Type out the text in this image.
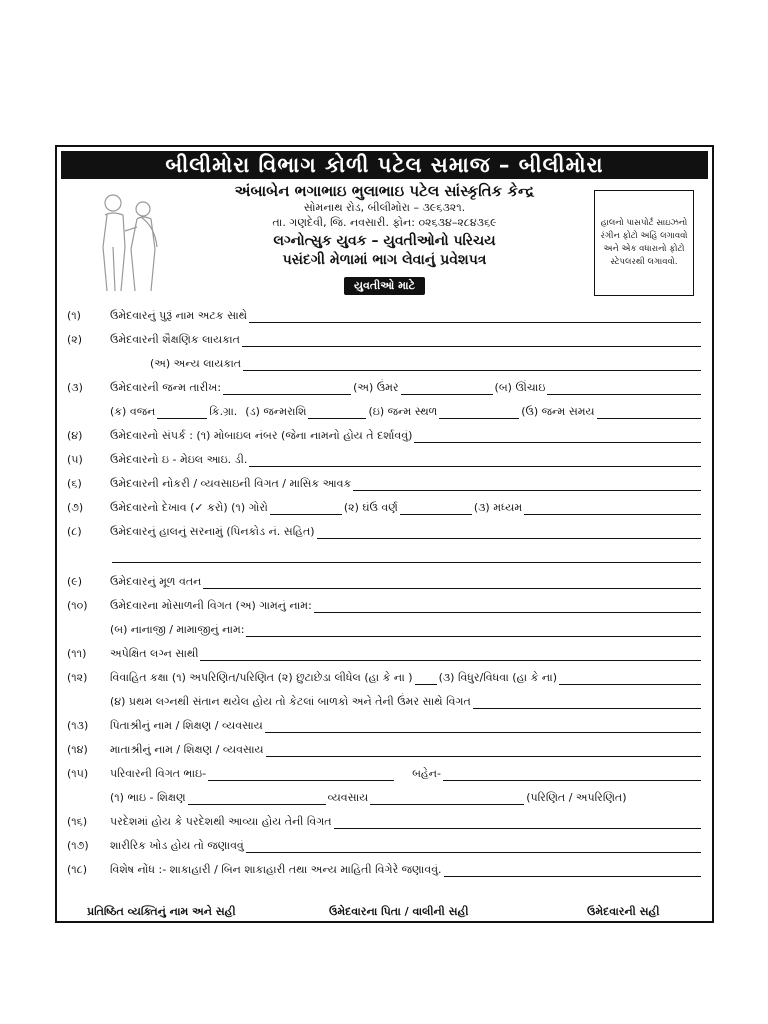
બીલીમોરા વિભાગ કોળી પટેલ સમાજ – બીલીમોરા
અંબાબેન ભગાભાઇ ભુલાભાઇ પટેલ સાંસ્કૃતિક કેન્દ્ર
સોમનાથ રોડ, બીલીમોરા – ૩૯૬૩૨૧.
તા. ગણદેવી, જિ. નવસારી. ફોન: ૦૨૬૩૪–૨૮૪૩૬૯
લગ્નોત્સુક યુવક – યુવતીઓનો પરિચય
પસંદગી મેળામાં ભાગ લેવાનું પ્રવેશપત્ર
યુવતીઓ માટે
હાલનો પાસપોર્ટ સાઇઝનો રંગીન ફોટો અહિં લગાવવો અને એક વધારાનો ફોટો સ્ટેપલરથી લગાવવો.
(૧)	ઉમેદવારનું પુરૂં નામ અટક સાથે
(૨)	ઉમેદવારની શૈક્ષણિક લાયકાત
(અ) અન્ય લાયકાત
(૩)	ઉમેદવારની જન્મ તારીખ:	(અ) ઉંમર	(બ) ઊંચાઇ
(ક) વજન	કિ.ગ્રા. (ડ) જન્મરાશિ	(ઇ) જન્મ સ્થળ	(ઉ) જન્મ સમય
(૪)	ઉમેદવારનો સંપર્ક : (૧) મોબાઇલ નંબર (જેના નામનો હોય તે દર્શાવવું)
(૫)	ઉમેદવારનો ઇ - મેઇલ આઇ. ડી.
(૬)	ઉમેદવારની નોકરી / વ્યવસાઇની વિગત / માસિક આવક
(૭)	ઉમેદવારનો દેખાવ (✓ કરો) (૧) ગોરો	(૨) ઘંઉ વર્ણ	(૩) મધ્યમ
(૮)	ઉમેદવારનું હાલનું સરનામું (પિનકોડ નં. સહિત)
(૯)	ઉમેદવારનું મૂળ વતન
(૧૦)	ઉમેદવારના મોસાળની વિગત (અ) ગામનું નામ:
(બ) નાનાજી / મામાજીનું નામ:
(૧૧)	અપેક્ષિત લગ્ન સાથી
(૧૨)	વિવાહિત કક્ષા (૧) અપરિણિત/પરિણિત (૨) છુટાછેડા લીધેલ (હા કે ના ) (૩) વિધુર/વિધવા (હા કે ના)
(૪) પ્રથમ લગ્નથી સંતાન થયેલ હોય તો કેટલાં બાળકો અને તેની ઉંમર સાથે વિગત
(૧૩)	પિતાશ્રીનું નામ / શિક્ષણ / વ્યવસાય
(૧૪)	માતાશ્રીનું નામ / શિક્ષણ / વ્યવસાય
(૧૫)	પરિવારની વિગત ભાઇ-	બહેન-
(૧) ભાઇ - શિક્ષણ	વ્યવસાય	(પરિણિત / અપરિણિત)
(૧૬)	પરદેશમાં હોય કે પરદેશથી આવ્યા હોય તેની વિગત
(૧૭)	શારીરિક ખોડ હોય તો જણાવવું
(૧૮)	વિશેષ નોંધ :- શાકાહારી / બિન શાકાહારી તથા અન્ય માહિતી વિગેરે જણાવવું.
પ્રતિષ્ઠિત વ્યક્તિનું નામ અને સહી	ઉમેદવારના પિતા / વાલીની સહી	ઉમેદવારની સહી
